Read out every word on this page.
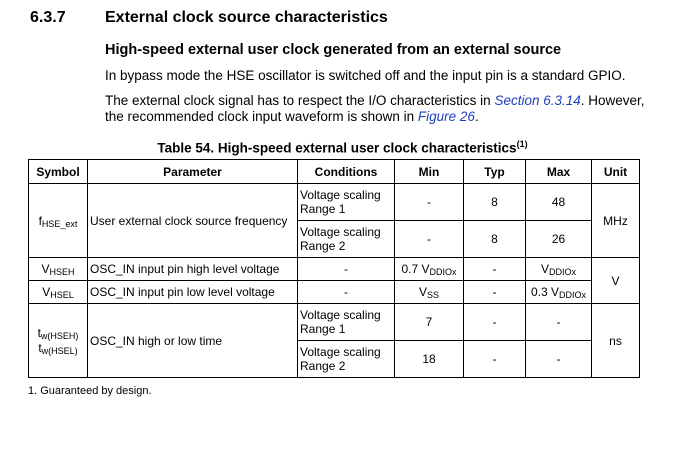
6.3.7 External clock source characteristics
High-speed external user clock generated from an external source
In bypass mode the HSE oscillator is switched off and the input pin is a standard GPIO.
The external clock signal has to respect the I/O characteristics in Section 6.3.14. However,
the recommended clock input waveform is shown in Figure 26.
Table 54. High-speed external user clock characteristics$^{(1)}$
Symbol	Parameter	Conditions	Min	Typ	Max	Unit
$f_{HSE\_ext}$	User external clock source frequency	Voltage scaling Range 1	-	8	48	MHz
		Voltage scaling Range 2	-	8	26	
$V_{HSEH}$	OSC_IN input pin high level voltage	-	0.7 $V_{DDIOx}$	-	$V_{DDIOx}$	V
$V_{HSEL}$	OSC_IN input pin low level voltage	-	$V_{SS}$	-	0.3 $V_{DDIOx}$

$t_{w(HSEH)}$
$t_{w(HSEL)}$	OSC_IN high or low time	Voltage scaling Range 1	7	-	-	ns
		Voltage scaling Range 2	18	-	-	
1. Guaranteed by design.
